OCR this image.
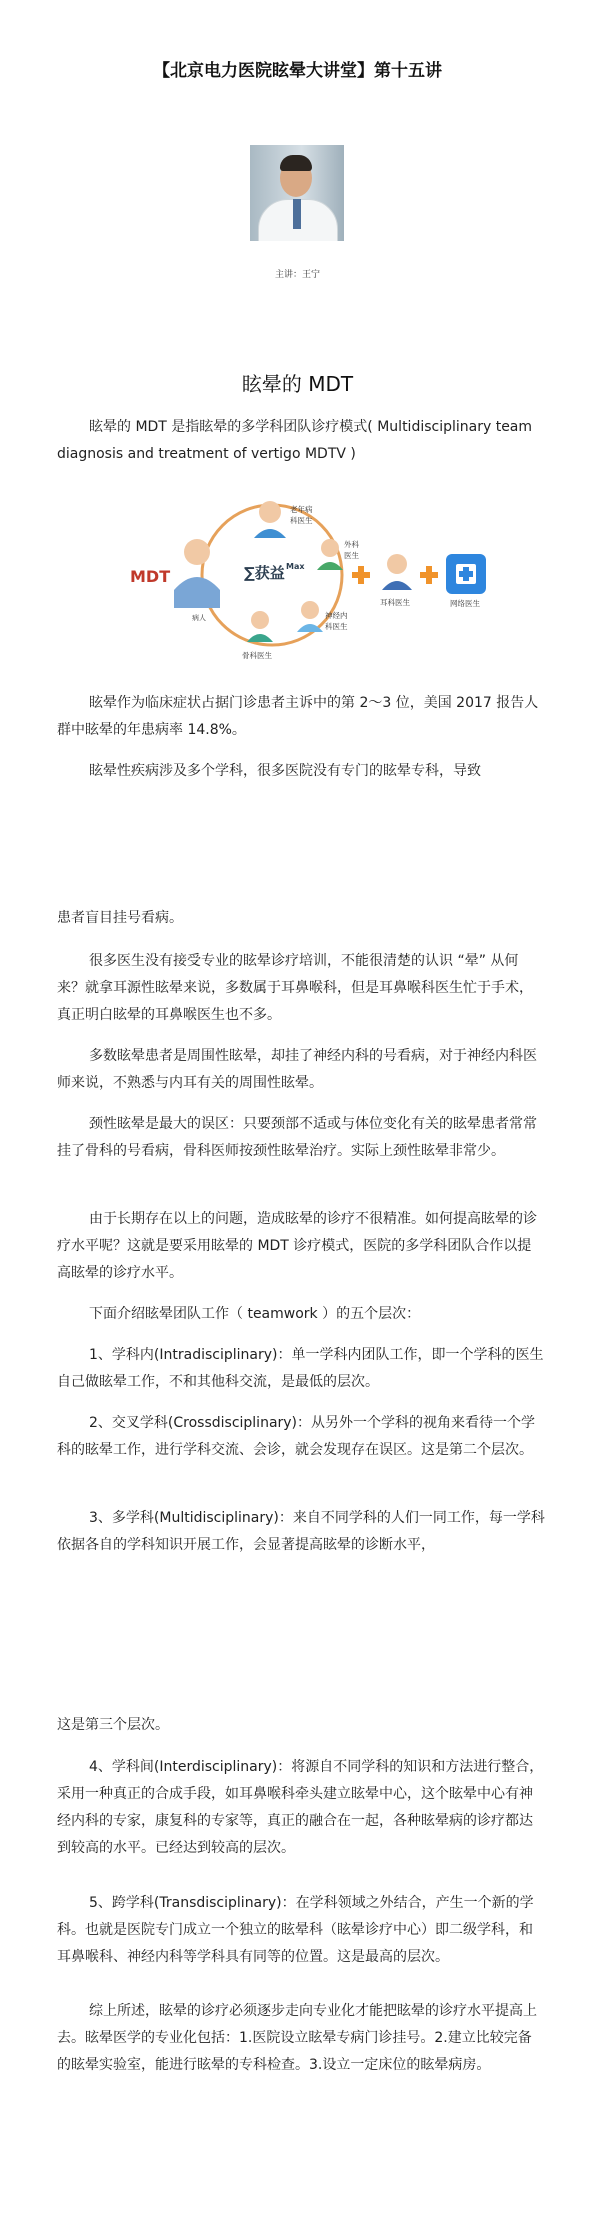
【北京电力医院眩晕大讲堂】第十五讲
主讲：王宁
眩晕的 MDT

眩晕的 MDT 是指眩晕的多学科团队诊疗模式( Multidisciplinary team diagnosis and treatment of vertigo MDTV )

MDT
病人
∑获益 Max
老年病
科医生
外科
医生
神经内
科医生
骨科医生
耳科医生	网络医生

眩晕作为临床症状占据门诊患者主诉中的第 2～3 位，美国 2017 报告人群中眩晕的年患病率 14.8%。

眩晕性疾病涉及多个学科，很多医院没有专门的眩晕专科，导致

患者盲目挂号看病。

很多医生没有接受专业的眩晕诊疗培训，不能很清楚的认识 “晕” 从何来？就拿耳源性眩晕来说，多数属于耳鼻喉科，但是耳鼻喉科医生忙于手术，真正明白眩晕的耳鼻喉医生也不多。

多数眩晕患者是周围性眩晕，却挂了神经内科的号看病，对于神经内科医师来说，不熟悉与内耳有关的周围性眩晕。

颈性眩晕是最大的误区：只要颈部不适或与体位变化有关的眩晕患者常常挂了骨科的号看病，骨科医师按颈性眩晕治疗。实际上颈性眩晕非常少。

由于长期存在以上的问题，造成眩晕的诊疗不很精准。如何提高眩晕的诊疗水平呢？这就是要采用眩晕的 MDT 诊疗模式，医院的多学科团队合作以提高眩晕的诊疗水平。

下面介绍眩晕团队工作（ teamwork ）的五个层次：

1、学科内(Intradisciplinary)：单一学科内团队工作，即一个学科的医生自己做眩晕工作，不和其他科交流，是最低的层次。

2、交叉学科(Crossdisciplinary)：从另外一个学科的视角来看待一个学科的眩晕工作，进行学科交流、会诊，就会发现存在误区。这是第二个层次。

3、多学科(Multidisciplinary)：来自不同学科的人们一同工作，每一学科依据各自的学科知识开展工作，会显著提高眩晕的诊断水平，

这是第三个层次。

4、学科间(Interdisciplinary)：将源自不同学科的知识和方法进行整合，采用一种真正的合成手段，如耳鼻喉科牵头建立眩晕中心，这个眩晕中心有神经内科的专家，康复科的专家等，真正的融合在一起，各种眩晕病的诊疗都达到较高的水平。已经达到较高的层次。

5、跨学科(Transdisciplinary)：在学科领域之外结合，产生一个新的学科。也就是医院专门成立一个独立的眩晕科（眩晕诊疗中心）即二级学科，和耳鼻喉科、神经内科等学科具有同等的位置。这是最高的层次。

综上所述，眩晕的诊疗必须逐步走向专业化才能把眩晕的诊疗水平提高上去。眩晕医学的专业化包括：1.医院设立眩晕专病门诊挂号。2.建立比较完备的眩晕实验室，能进行眩晕的专科检查。3.设立一定床位的眩晕病房。
